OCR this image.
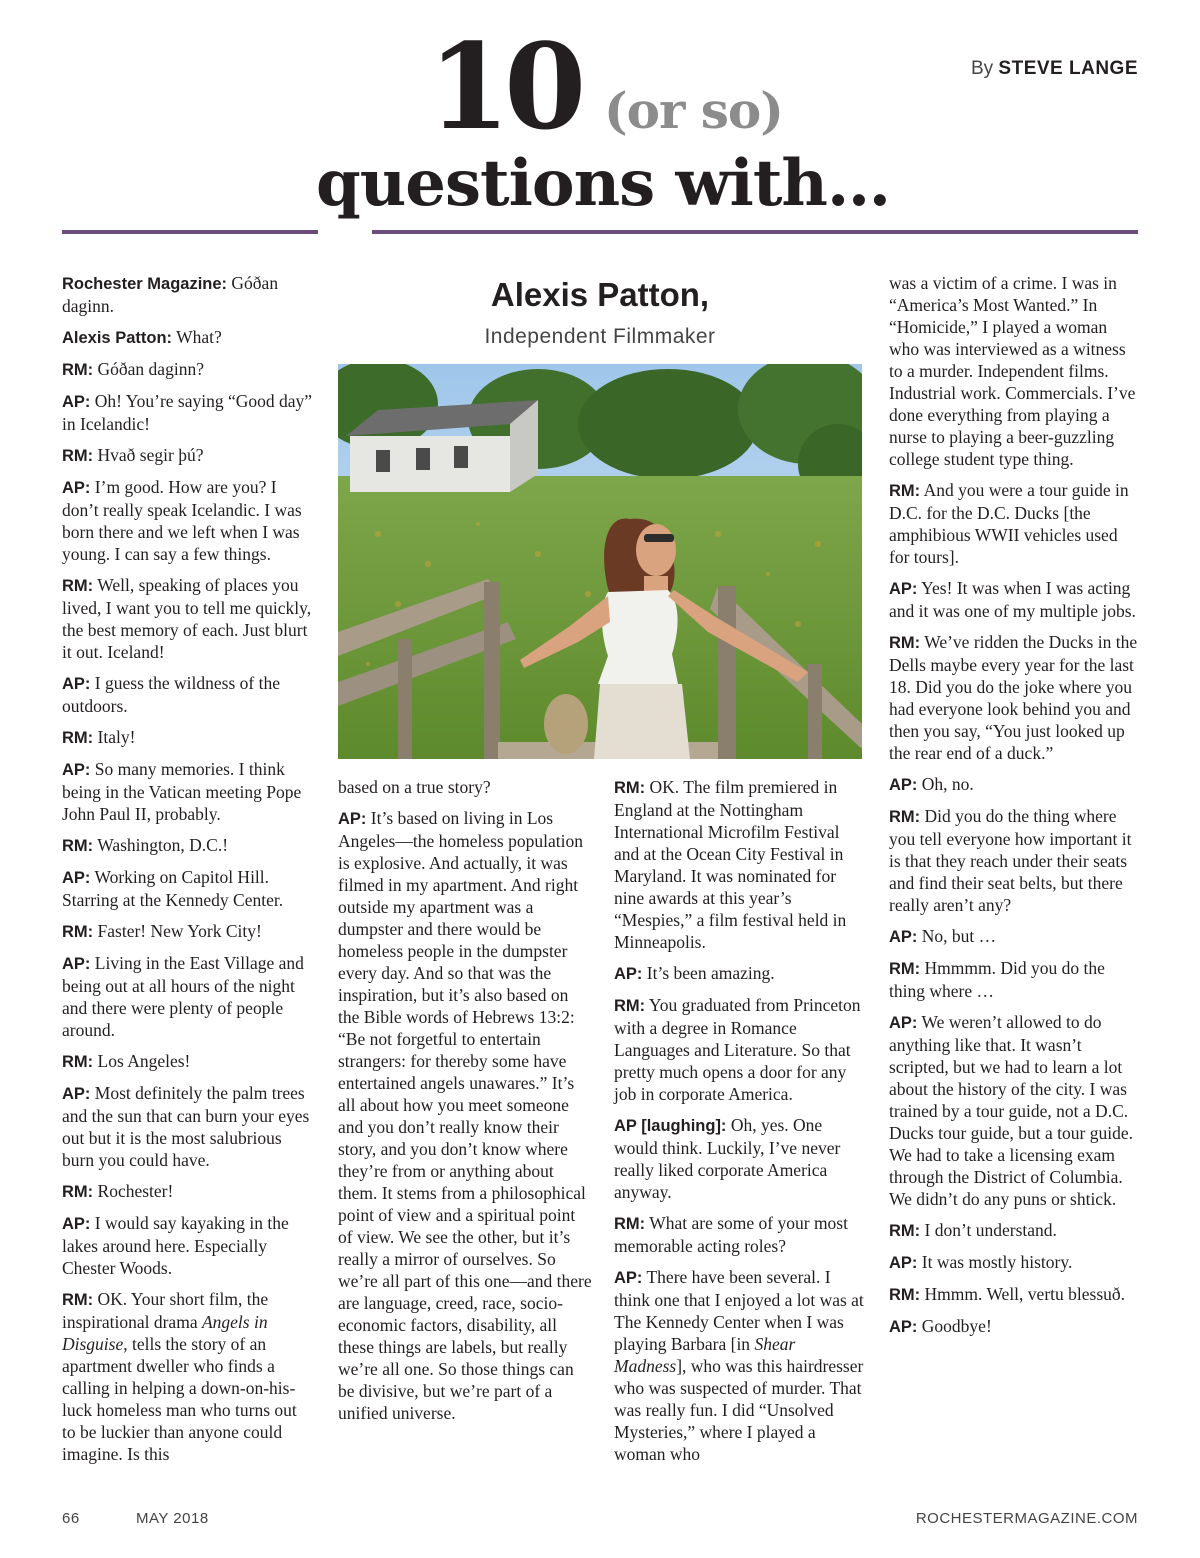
By STEVE LANGE
10 (or so)
questions with…
Alexis Patton,
Independent Filmmaker

Rochester Magazine: Góðan daginn.

Alexis Patton: What?

RM: Góðan daginn?

AP: Oh! You’re saying “Good day” in Icelandic!

RM: Hvað segir þú?

AP: I’m good. How are you? I don’t really speak Icelandic. I was born there and we left when I was young. I can say a few things.

RM: Well, speaking of places you lived, I want you to tell me quickly, the best memory of each. Just blurt it out. Iceland!

AP: I guess the wildness of the outdoors.

RM: Italy!

AP: So many memories. I think being in the Vatican meeting Pope John Paul II, probably.

RM: Washington, D.C.!

AP: Working on Capitol Hill. Starring at the Kennedy Center.

RM: Faster! New York City!

AP: Living in the East Village and being out at all hours of the night and there were plenty of people around.

RM: Los Angeles!

AP: Most definitely the palm trees and the sun that can burn your eyes out but it is the most salubrious burn you could have.

RM: Rochester!

AP: I would say kayaking in the lakes around here. Especially Chester Woods.

RM: OK. Your short film, the inspirational drama Angels in Disguise, tells the story of an apartment dweller who finds a calling in helping a down-on-his-luck homeless man who turns out to be luckier than anyone could imagine. Is this

based on a true story?

AP: It’s based on living in Los Angeles—the homeless population is explosive. And actually, it was filmed in my apartment. And right outside my apartment was a dumpster and there would be homeless people in the dumpster every day. And so that was the inspiration, but it’s also based on the Bible words of Hebrews 13:2: “Be not forgetful to entertain strangers: for thereby some have entertained angels unawares.” It’s all about how you meet someone and you don’t really know their story, and you don’t know where they’re from or anything about them. It stems from a philosophical point of view and a spiritual point of view. We see the other, but it’s really a mirror of ourselves. So we’re all part of this one—and there are language, creed, race, socio-economic factors, disability, all these things are labels, but really we’re all one. So those things can be divisive, but we’re part of a unified universe.

RM: OK. The film premiered in England at the Nottingham International Microfilm Festival and at the Ocean City Festival in Maryland. It was nominated for nine awards at this year’s “Mespies,” a film festival held in Minneapolis.

AP: It’s been amazing.

RM: You graduated from Princeton with a degree in Romance Languages and Literature. So that pretty much opens a door for any job in corporate America.

AP [laughing]: Oh, yes. One would think. Luckily, I’ve never really liked corporate America anyway.

RM: What are some of your most memorable acting roles?

AP: There have been several. I think one that I enjoyed a lot was at The Kennedy Center when I was playing Barbara [in Shear Madness], who was this hairdresser who was suspected of murder. That was really fun. I did “Unsolved Mysteries,” where I played a woman who

was a victim of a crime. I was in “America’s Most Wanted.” In “Homicide,” I played a woman who was interviewed as a witness to a murder. Independent films. Industrial work. Commercials. I’ve done everything from playing a nurse to playing a beer-guzzling college student type thing.

RM: And you were a tour guide in D.C. for the D.C. Ducks [the amphibious WWII vehicles used for tours].

AP: Yes! It was when I was acting and it was one of my multiple jobs.

RM: We’ve ridden the Ducks in the Dells maybe every year for the last 18. Did you do the joke where you had everyone look behind you and then you say, “You just looked up the rear end of a duck.”

AP: Oh, no.

RM: Did you do the thing where you tell everyone how important it is that they reach under their seats and find their seat belts, but there really aren’t any?

AP: No, but …

RM: Hmmmm. Did you do the thing where …

AP: We weren’t allowed to do anything like that. It wasn’t scripted, but we had to learn a lot about the history of the city. I was trained by a tour guide, not a D.C. Ducks tour guide, but a tour guide. We had to take a licensing exam through the District of Columbia. We didn’t do any puns or shtick.

RM: I don’t understand.

AP: It was mostly history.

RM: Hmmm. Well, vertu blessuð.

AP: Goodbye!

66	MAY 2018	ROCHESTERMAGAZINE.COM
